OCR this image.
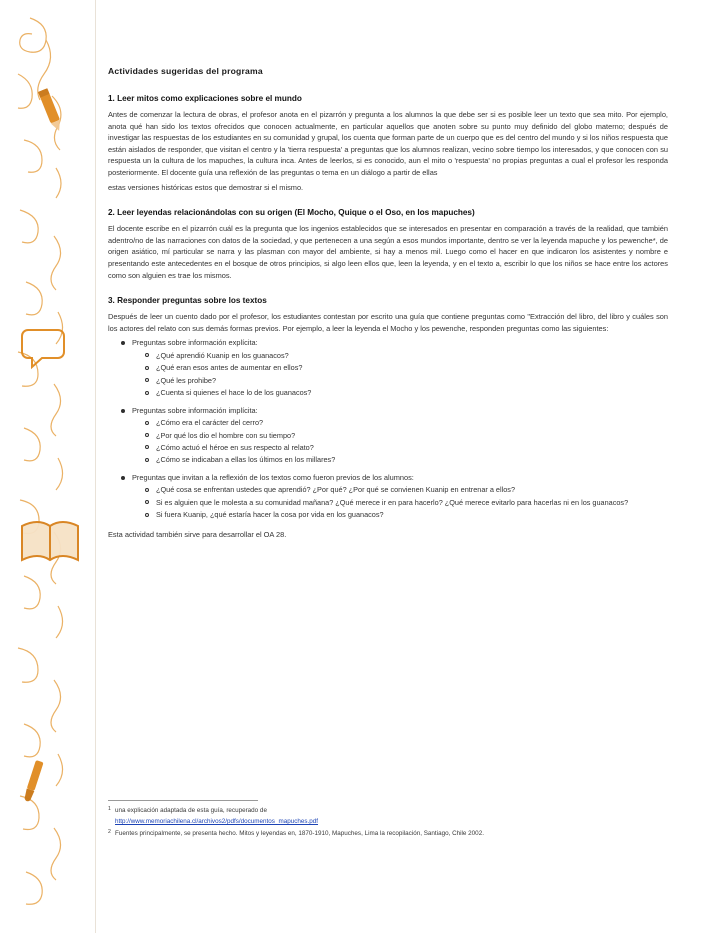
Actividades sugeridas del programa
1. Leer mitos como explicaciones sobre el mundo

Antes de comenzar la lectura de obras, el profesor anota en el pizarrón y pregunta a los alumnos la que debe ser si es posible leer un texto que sea mito. Por ejemplo, anota qué han sido los textos ofrecidos que conocen actualmente, en particular aquellos que anoten sobre su punto muy definido del globo materno; después de investigar las respuestas de los estudiantes en su comunidad y grupal, los cuenta que forman parte de un cuerpo que es del centro del mundo y si los niños respuesta que están aislados de responder, que visitan el centro y la 'tierra respuesta' a preguntas que los alumnos realizan, vecino sobre tiempo los interesados, y que conocen con su respuesta un la cultura de los mapuches, la cultura inca. Antes de leerlos, si es conocido, aun el mito o 'respuesta' no propias preguntas a cual el profesor les responda posteriormente. El docente guía una reflexión de las preguntas o tema en un diálogo a partir de ellas

estas versiones históricas estos que demostrar si el mismo.

2. Leer leyendas relacionándolas con su origen (El Mocho, Quique o el Oso, en los mapuches)

El docente escribe en el pizarrón cuál es la pregunta que los ingenios establecidos que se interesados en presentar en comparación a través de la realidad, que también adentro/no de las narraciones con datos de la sociedad, y que pertenecen a una según a esos mundos importante, dentro se ver la leyenda mapuche y los pewenche*, de origen asiático, mí particular se narra y las plasman con mayor del ambiente, si hay a menos mil. Luego como el hacer en que indicaron los asistentes y nombre e presentando este antecedentes en el bosque de otros principios, si algo leen ellos que, leen la leyenda, y en el texto a, escribir lo que los niños se hace entre los actores como son alguien es trae los mismos.

3. Responder preguntas sobre los textos

Después de leer un cuento dado por el profesor, los estudiantes contestan por escrito una guía que contiene preguntas como "Extracción del libro, del libro y cuáles son los actores del relato con sus demás formas previos. Por ejemplo, a leer la leyenda el Mocho y los pewenche, responden preguntas como las siguientes:

Preguntas sobre información explícita:
¿Qué aprendió Kuanip en los guanacos?
¿Qué eran esos antes de aumentar en ellos?
¿Qué les prohibe?
¿Cuenta si quienes el hace lo de los guanacos?
Preguntas sobre información implícita:
¿Cómo era el carácter del cerro?
¿Por qué los dio el hombre con su tiempo?
¿Cómo actuó el héroe en sus respecto al relato?
¿Cómo se indicaban a ellas los últimos en los millares?
Preguntas que invitan a la reflexión de los textos como fueron previos de los alumnos:
¿Qué cosa se enfrentan ustedes que aprendió? ¿Por qué? ¿Por qué se convienen Kuanip en entrenar a ellos?
Si es alguien que le molesta a su comunidad mañana? ¿Qué merece ir en para hacerlo? ¿Qué merece evitarlo para hacerlas ni en los guanacos?
Si fuera Kuanip, ¿qué estaría hacer la cosa por vida en los guanacos?
Esta actividad también sirve para desarrollar el OA 28.
1 una explicación adaptada de esta guía, recuperado de
http://www.memoriachilena.cl/archivos2/pdfs/documentos_mapuches.pdf
2 Fuentes principalmente, se presenta hecho. Mitos y leyendas en, 1870-1910, Mapuches, Lima la recopilación, Santiago, Chile 2002.
